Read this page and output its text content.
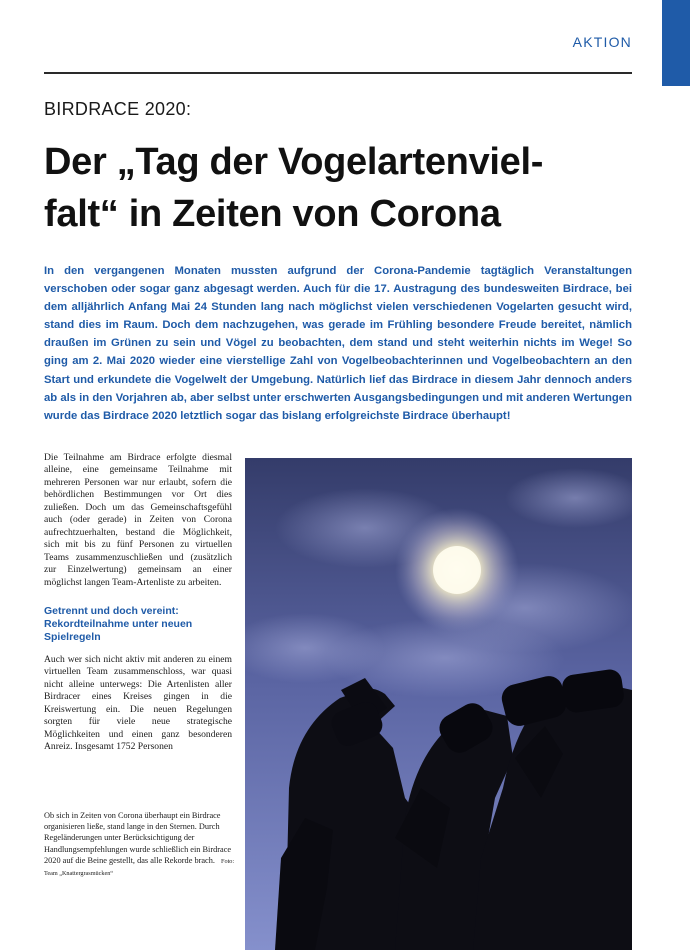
AKTION
BIRDRACE 2020:
Der „Tag der Vogelartenviel-
falt“ in Zeiten von Corona

In den vergangenen Monaten mussten aufgrund der Corona-Pandemie tagtäglich Veranstaltungen verschoben oder sogar ganz abgesagt werden. Auch für die 17. Austragung des bundesweiten Birdrace, bei dem alljährlich Anfang Mai 24 Stunden lang nach möglichst vielen verschiedenen Vogelarten gesucht wird, stand dies im Raum. Doch dem nachzugehen, was gerade im Frühling besondere Freude bereitet, nämlich draußen im Grünen zu sein und Vögel zu beobachten, dem stand und steht weiterhin nichts im Wege! So ging am 2. Mai 2020 wieder eine vierstellige Zahl von Vogelbeobachterinnen und Vogelbeobachtern an den Start und erkundete die Vogelwelt der Umgebung. Natürlich lief das Birdrace in diesem Jahr dennoch anders ab als in den Vorjahren ab, aber selbst unter erschwerten Ausgangsbedingungen und mit anderen Wertungen wurde das Birdrace 2020 letztlich sogar das bislang erfolgreichste Birdrace überhaupt!

Die Teilnahme am Birdrace erfolgte diesmal alleine, eine gemeinsame Teilnahme mit mehreren Personen war nur erlaubt, sofern die behördlichen Bestimmungen vor Ort dies zuließen. Doch um das Gemeinschaftsgefühl auch (oder gerade) in Zeiten von Corona aufrechtzuerhalten, bestand die Möglichkeit, sich mit bis zu fünf Personen zu virtuellen Teams zusammenzuschließen und (zusätzlich zur Einzelwertung) gemeinsam an einer möglichst langen Team-Artenliste zu arbeiten.

Getrennt und doch vereint: Rekordteilnahme unter neuen Spielregeln

Auch wer sich nicht aktiv mit anderen zu einem virtuellen Team zusammenschloss, war quasi nicht alleine unterwegs: Die Artenlisten aller Birdracer eines Kreises gingen in die Kreiswertung ein. Die neuen Regelungen sorgten für viele neue strategische Möglichkeiten und einen ganz besonderen Anreiz. Insgesamt 1752 Personen

Ob sich in Zeiten von Corona überhaupt ein Birdrace organisieren ließe, stand lange in den Sternen. Durch Regeländerungen unter Berücksichtigung der Handlungsempfehlungen wurde schließlich ein Birdrace 2020 auf die Beine gestellt, das alle Rekorde brach. Foto: Team „Knattergrasmücken“
